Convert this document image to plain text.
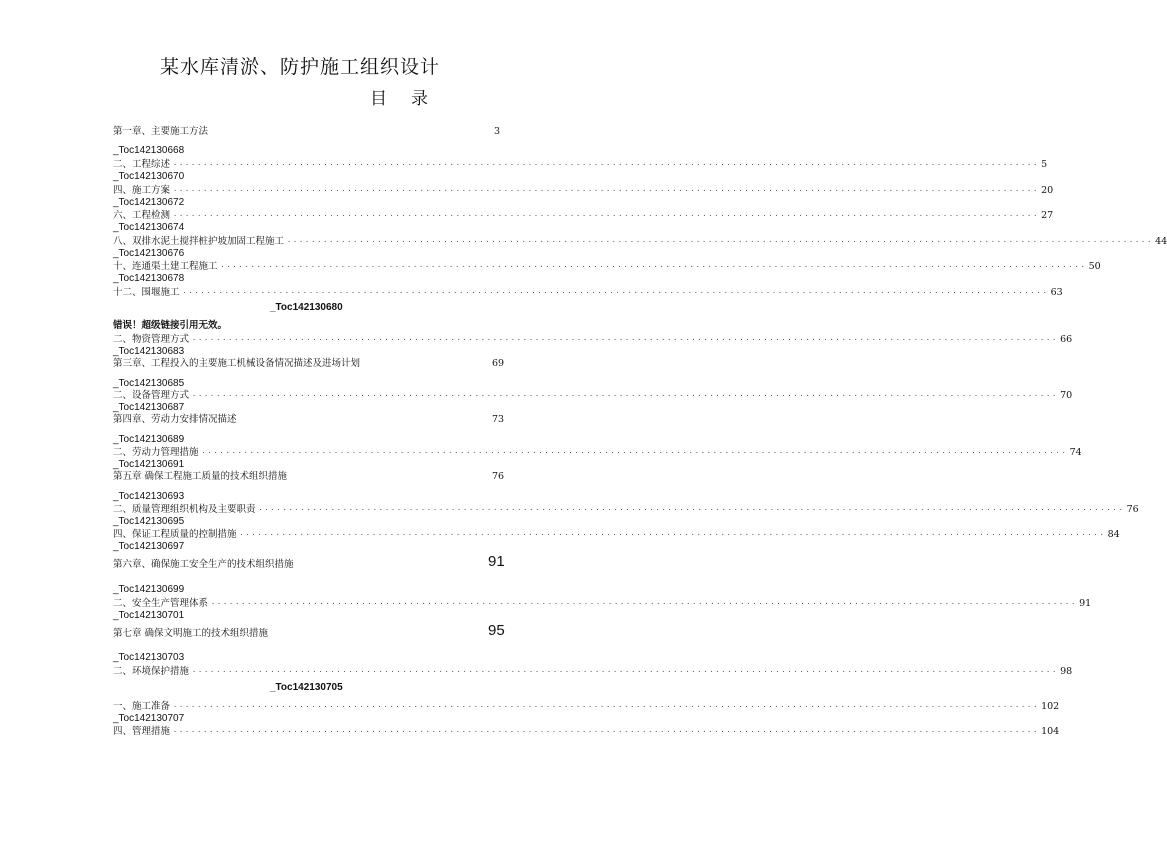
某水库清淤、防护施工组织设计
目录
第一章、主要施工方法	3
_Toc142130668
二、工程综述 ................................................................................................................................................ 5
_Toc142130670
四、施工方案 ................................................................................................................................................ 20
_Toc142130672
六、工程检测 ................................................................................................................................................ 27
_Toc142130674
八、双排水泥土搅拌桩护坡加固工程施工 ................................................................................................................................................ 44
_Toc142130676
十、连通渠土建工程施工 ................................................................................................................................................ 50
_Toc142130678
十二、围堰施工 ................................................................................................................................................ 63
_Toc142130680
错误！超级链接引用无效。
二、物资管理方式 ................................................................................................................................................ 66
_Toc142130683
第三章、工程投入的主要施工机械设备情况描述及进场计划	69
_Toc142130685
二、设备管理方式 ................................................................................................................................................ 70
_Toc142130687
第四章、劳动力安排情况描述	73
_Toc142130689
二、劳动力管理措施 ................................................................................................................................................ 74
_Toc142130691
第五章 确保工程施工质量的技术组织措施	76
_Toc142130693
二、质量管理组织机构及主要职责 ................................................................................................................................................ 76
_Toc142130695
四、保证工程质量的控制措施 ................................................................................................................................................ 84
_Toc142130697
第六章、确保施工安全生产的技术组织措施	91
_Toc142130699
二、安全生产管理体系 ................................................................................................................................................ 91
_Toc142130701
第七章 确保文明施工的技术组织措施	95
_Toc142130703
二、环境保护措施 ................................................................................................................................................ 98
_Toc142130705
一、施工准备 ................................................................................................................................................ 102
_Toc142130707
四、管理措施 ................................................................................................................................................ 104
